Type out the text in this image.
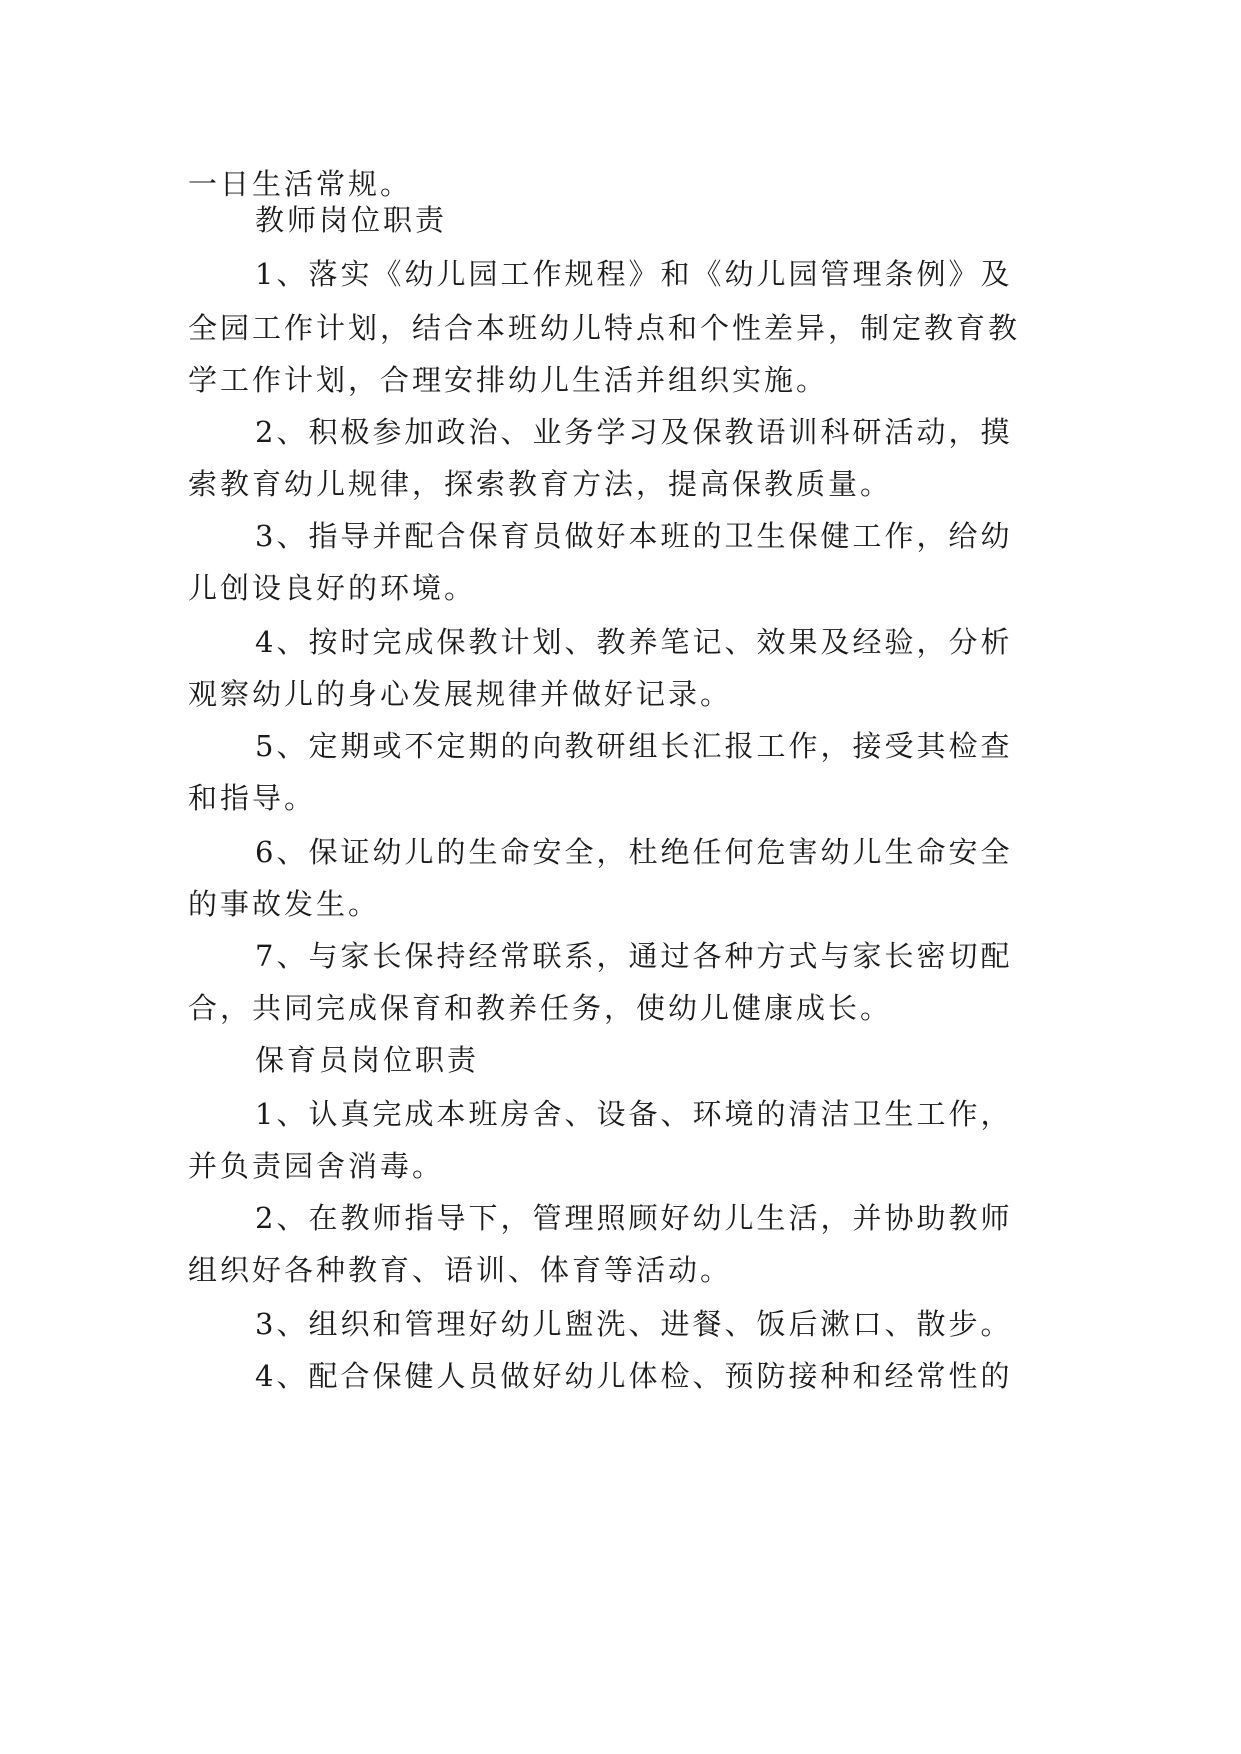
一日生活常规。
教师岗位职责
1、落实《幼儿园工作规程》和《幼儿园管理条例》及
全园工作计划，结合本班幼儿特点和个性差异，制定教育教
学工作计划，合理安排幼儿生活并组织实施。
2、积极参加政治、业务学习及保教语训科研活动，摸
索教育幼儿规律，探索教育方法，提高保教质量。
3、指导并配合保育员做好本班的卫生保健工作，给幼
儿创设良好的环境。
4、按时完成保教计划、教养笔记、效果及经验，分析
观察幼儿的身心发展规律并做好记录。
5、定期或不定期的向教研组长汇报工作，接受其检查
和指导。
6、保证幼儿的生命安全，杜绝任何危害幼儿生命安全
的事故发生。
7、与家长保持经常联系，通过各种方式与家长密切配
合，共同完成保育和教养任务，使幼儿健康成长。
保育员岗位职责
1、认真完成本班房舍、设备、环境的清洁卫生工作，
并负责园舍消毒。
2、在教师指导下，管理照顾好幼儿生活，并协助教师
组织好各种教育、语训、体育等活动。
3、组织和管理好幼儿盥洗、进餐、饭后漱口、散步。
4、配合保健人员做好幼儿体检、预防接种和经常性的
